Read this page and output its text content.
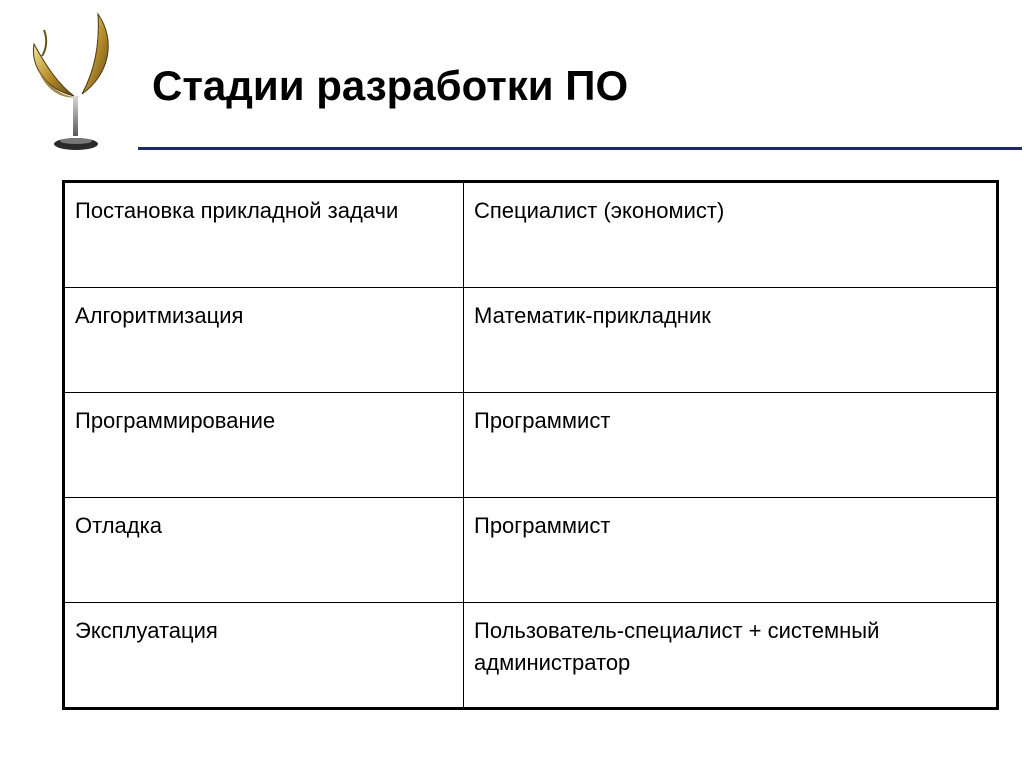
Стадии разработки ПО
Постановка прикладной задачи	Специалист (экономист)
Алгоритмизация	Математик-прикладник
Программирование	Программист
Отладка	Программист
Эксплуатация	Пользователь-специалист + системный администратор
